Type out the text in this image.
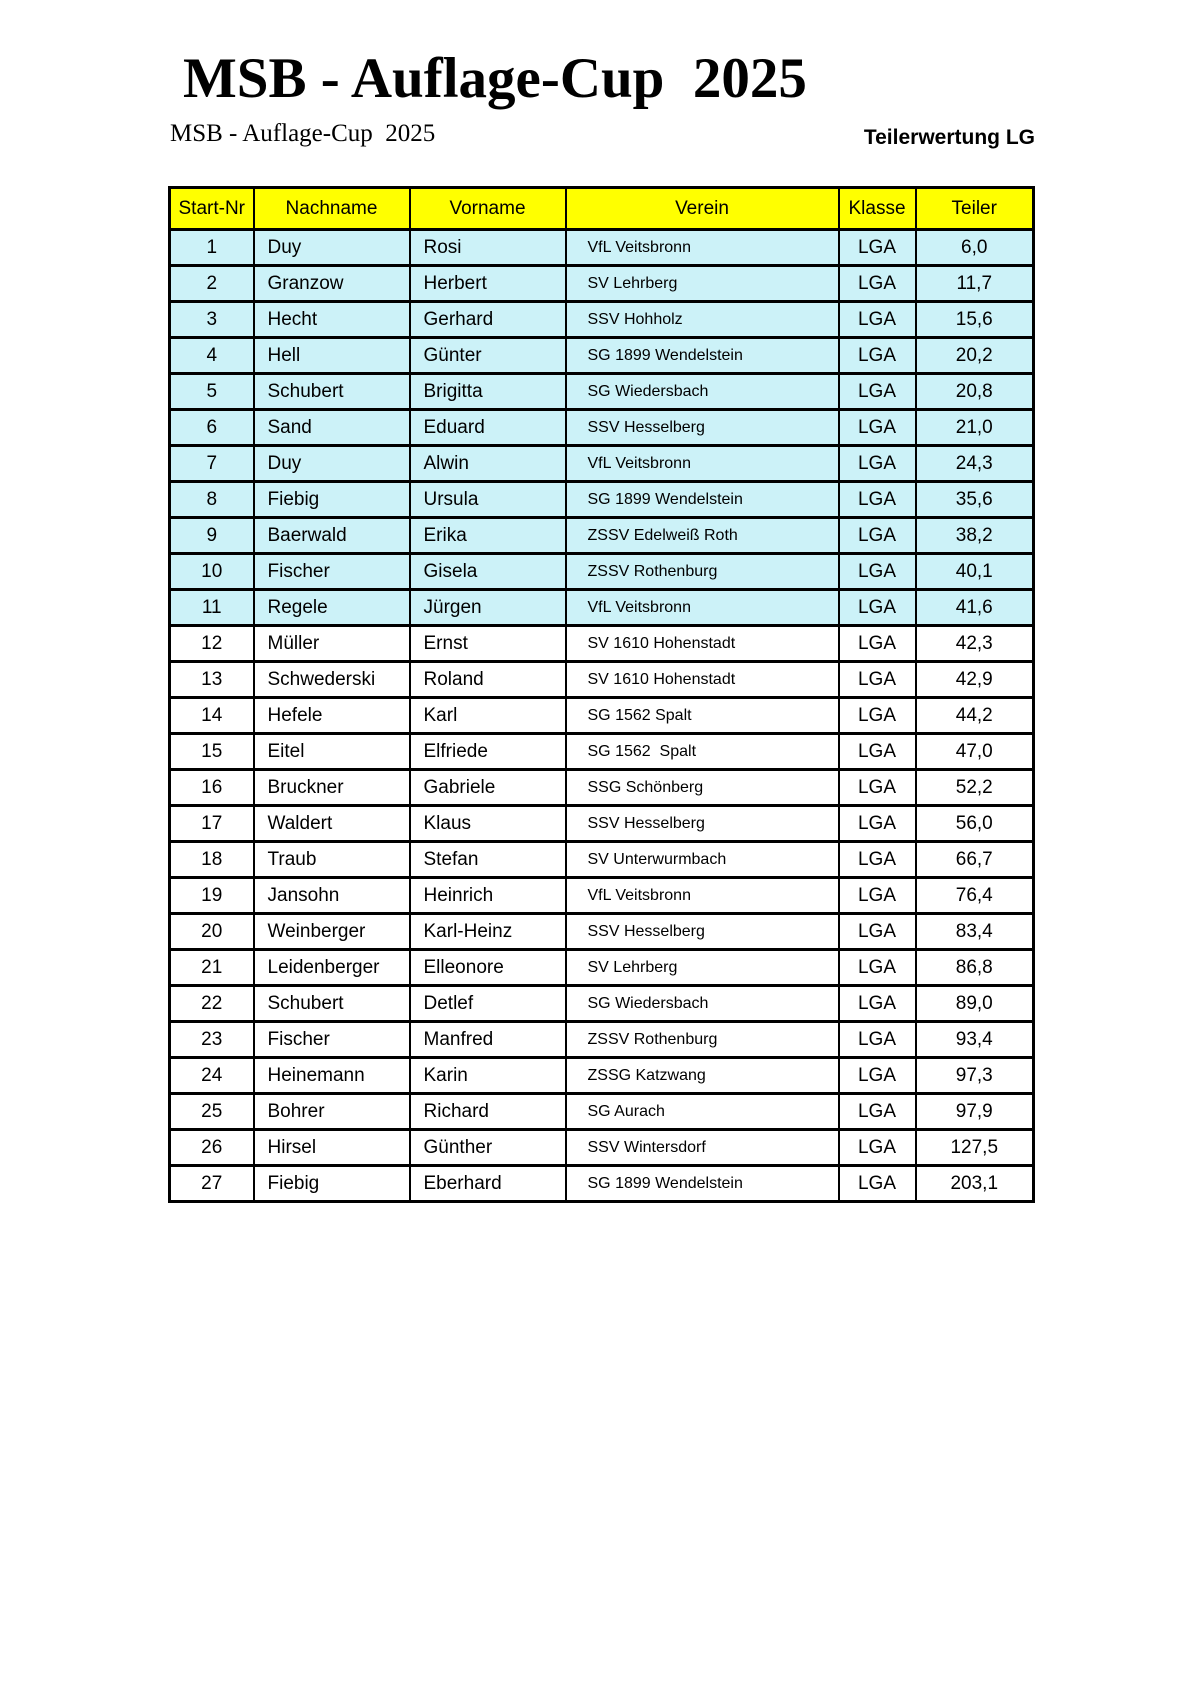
MSB - Auflage-Cup  2025
MSB - Auflage-Cup  2025	Teilerwertung LG
Start-Nr	Nachname	Vorname	Verein	Klasse	Teiler
1	Duy	Rosi	VfL Veitsbronn	LGA	6,0
2	Granzow	Herbert	SV Lehrberg	LGA	11,7
3	Hecht	Gerhard	SSV Hohholz	LGA	15,6
4	Hell	Günter	SG 1899 Wendelstein	LGA	20,2
5	Schubert	Brigitta	SG Wiedersbach	LGA	20,8
6	Sand	Eduard	SSV Hesselberg	LGA	21,0
7	Duy	Alwin	VfL Veitsbronn	LGA	24,3
8	Fiebig	Ursula	SG 1899 Wendelstein	LGA	35,6
9	Baerwald	Erika	ZSSV Edelweiß Roth	LGA	38,2
10	Fischer	Gisela	ZSSV Rothenburg	LGA	40,1
11	Regele	Jürgen	VfL Veitsbronn	LGA	41,6
12	Müller	Ernst	SV 1610 Hohenstadt	LGA	42,3
13	Schwederski	Roland	SV 1610 Hohenstadt	LGA	42,9
14	Hefele	Karl	SG 1562 Spalt	LGA	44,2
15	Eitel	Elfriede	SG 1562  Spalt	LGA	47,0
16	Bruckner	Gabriele	SSG Schönberg	LGA	52,2
17	Waldert	Klaus	SSV Hesselberg	LGA	56,0
18	Traub	Stefan	SV Unterwurmbach	LGA	66,7
19	Jansohn	Heinrich	VfL Veitsbronn	LGA	76,4
20	Weinberger	Karl-Heinz	SSV Hesselberg	LGA	83,4
21	Leidenberger	Elleonore	SV Lehrberg	LGA	86,8
22	Schubert	Detlef	SG Wiedersbach	LGA	89,0
23	Fischer	Manfred	ZSSV Rothenburg	LGA	93,4
24	Heinemann	Karin	ZSSG Katzwang	LGA	97,3
25	Bohrer	Richard	SG Aurach	LGA	97,9
26	Hirsel	Günther	SSV Wintersdorf	LGA	127,5
27	Fiebig	Eberhard	SG 1899 Wendelstein	LGA	203,1
